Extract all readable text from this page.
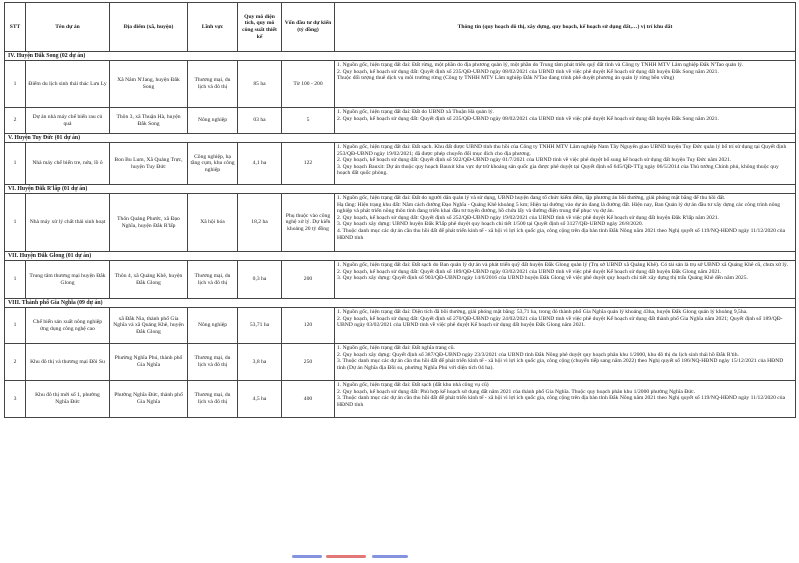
STT	Tên dự án	Địa điểm (xã, huyện)	Lĩnh vực	Quy mô diện tích, quy mô công suất thiết kế	Vốn đầu tư dự kiến (tỷ đồng)	Thông tin (quy hoạch đô thị, xây dựng, quy hoạch, kế hoạch sử dụng đất,…) vị trí khu đất
IV. Huyện Đắk Song (02 dự án)						
1	Điểm du lịch sinh thái thác Lưu Ly	Xã Nâm N'Jang, huyện Đắk Song	Thương mại, du lịch và đô thị	85 ha	Từ 100 - 200	1. Nguồn gốc, hiện trạng đất đai: Đất rừng, một phần do địa phương quản lý, một phần do Trung tâm phát triển quỹ đất tỉnh và Công ty TNHH MTV Lâm nghiệp Đắk N'Tao quản lý.
2. Quy hoạch, kế hoạch sử dụng đất: Quyết định số 235/QĐ-UBND ngày 08/02/2021 của UBND tỉnh về việc phê duyệt Kế hoạch sử dụng đất huyện Đắk Song năm 2021.
Thuộc đối tượng thuê dịch vụ môi trường rừng (Công ty TNHH MTV Lâm nghiệp Đắk N'Tao đang trình phê duyệt phương án quản lý rừng bền vững)

2	Dự án nhà máy chế biến rau củ quả	Thôn 3, xã Thuận Hà, huyện Đắk Song	Nông nghiệp	03 ha	5	1. Nguồn gốc, hiện trạng đất đai: Đất do UBND xã Thuận Hà quản lý.
2. Quy hoạch, kế hoạch sử dụng đất: Quyết định số 235/QĐ-UBND ngày 08/02/2021 của UBND tỉnh về việc phê duyệt Kế hoạch sử dụng đất huyện Đắk Song năm 2021.

V. Huyện Tuy Đức (01 dự án)						
1	Nhà máy chế biến tre, nứa, lồ ô	Bon Bu Lum, Xã Quảng Trực, huyện Tuy Đức	Công nghiệp, hạ tầng cụm, khu công nghiệp	4,1 ha	122	1. Nguồn gốc, hiện trạng đất đai: Đất sạch. Khu đất được UBND tỉnh thu hồi của Công ty TNHH MTV Lâm nghiệp Nam Tây Nguyên giao UBND huyện Tuy Đức quản lý bố trí sử dụng tại Quyết định 253/QĐ-UBND ngày 19/02/2021; đã được phép chuyển đổi mục đích cho địa phương.
2. Quy hoạch, kế hoạch sử dụng đất: Quyết định số 922/QĐ-UBND ngày 01/7/2021 của UBND tỉnh về việc phê duyệt bổ sung kế hoạch sử dụng đất huyện Tuy Đức năm 2021.
3. Quy hoạch Bauxit: Dự án thuộc quy hoạch Bauxit khu vực dự trữ khoáng sản quốc gia được phê duyệt tại Quyết định số 645/QĐ-TTg ngày 06/5/2014 của Thủ tướng Chính phủ, không thuộc quy hoạch đất quốc phòng.

VI. Huyện Đắk R'lấp (01 dự án)						
1	Nhà máy xử lý chất thải sinh hoạt	Thôn Quảng Phước, xã Đạo Nghĩa, huyện Đắk R'lấp	Xã hội hóa	18,2 ha	Phụ thuộc vào công nghệ xử lý. Dự kiến khoảng 20 tỷ đồng	1. Nguồn gốc, hiện trạng đất đai: Đất do người dân quản lý và sử dụng, UBND huyện đang tổ chức kiểm đếm, lập phương án bồi thường, giải phóng mặt bằng để thu hồi đất.
Hạ tầng: Hiện trạng khu đất: Nằm cách đường Đạo Nghĩa - Quảng Khê khoảng 5 km; Hiện tại đường vào dự án đang là đường đất. Hiện nay, Ban Quản lý dự án đầu tư xây dựng các công trình nông nghiệp và phát triển nông thôn tỉnh đang triển khai đầu tư tuyến đường, hồ chứa lấy và đường điện trung thế phục vụ dự án.
2. Quy hoạch, kế hoạch sử dụng đất: Quyết định số 252/QĐ-UBND ngày 19/02/2021 của UBND tỉnh về việc phê duyệt Kế hoạch sử dụng đất huyện Đắk R'lấp năm 2021.
3. Quy hoạch xây dựng: UBND huyện Đắk R'lấp phê duyệt quy hoạch chi tiết 1/500 tại Quyết định số 3127/QĐ-UBND ngày 26/8/2020.
4. Thuộc danh mục các dự án cần thu hồi đất để phát triển kinh tế - xã hội vì lợi ích quốc gia, công cộng trên địa bàn tỉnh Đắk Nông năm 2021 theo Nghị quyết số 119/NQ-HĐND ngày 11/12/2020 của HĐND tỉnh

VII. Huyện Đắk Glong (01 dự án)						
1	Trung tâm thương mại huyện Đắk Glong	Thôn 4, xã Quảng Khê, huyện Đắk Glong	Thương mại, du lịch và đô thị	0,3 ha	200	1. Nguồn gốc, hiện trạng đất đai: Đất sạch do Ban quản lý dự án và phát triển quỹ đất huyện Đắk Glong quản lý (Trụ sở UBND xã Quảng Khê). Có tài sản là trụ sở UBND xã Quảng Khê cũ, chưa xử lý.
2. Quy hoạch, kế hoạch sử dụng đất: Quyết định số 189/QĐ-UBND ngày 03/02/2021 của UBND tỉnh về việc phê duyệt Kế hoạch sử dụng đất huyện Đắk Glong năm 2021.
3. Quy hoạch xây dựng: Quyết định số 903/QĐ-UBND ngày 14/6/2016 của UBND huyện Đắk Glong về việc phê duyệt quy hoạch chi tiết xây dựng thị trấn Quảng Khê đến năm 2025.

VIII. Thành phố Gia Nghĩa (09 dự án)						
1	Chế biến sản xuất nông nghiệp ứng dụng công nghệ cao	xã Đắk Nia, thành phố Gia Nghĩa và xã Quảng Khê, huyện Đắk Glong	Nông nghiệp	53,71 ha	120	1. Nguồn gốc, hiện trạng đất đai: Diện tích đã bồi thường, giải phóng mặt bằng: 53,71 ha, trong đó thành phố Gia Nghĩa quản lý khoảng 43ha, huyện Đắk Glong quản lý khoảng 9,5ha.
2. Quy hoạch, kế hoạch sử dụng đất: Quyết định số 270/QĐ-UBND ngày 24/02/2021 của UBND tỉnh về việc phê duyệt Kế hoạch sử dụng đất thành phố Gia Nghĩa năm 2021; Quyết định số 189/QĐ-UBND ngày 03/02/2021 của UBND tỉnh về việc phê duyệt Kế hoạch sử dụng đất huyện Đắk Glong năm 2021.

2	Khu đô thị và thương mại Đồi Su	Phường Nghĩa Phú, thành phố Gia Nghĩa	Thương mại, du lịch và đô thị	3,8 ha	250	1. Nguồn gốc, hiện trạng đất đai: Đất nghĩa trang cũ.
2. Quy hoạch xây dựng: Quyết định số 387/QĐ-UBND ngày 23/3/2021 của UBND tỉnh Đắk Nông phê duyệt quy hoạch phân khu 1/2000, khu đô thị du lịch sinh thái hồ Đắk R'tih.
3. Thuộc danh mục các dự án cần thu hồi đất để phát triển kinh tế - xã hội vì lợi ích quốc gia, công cộng (chuyển tiếp sang năm 2022) theo Nghị quyết số 186/NQ-HĐND ngày 15/12/2021 của HĐND tỉnh (Dự án Nghĩa địa Đồi su, phường Nghĩa Phú với diện tích 04 ha).

3	Khu đô thị mới số 1, phường Nghĩa Đức	Phường Nghĩa Đức, thành phố Gia Nghĩa	Thương mại, du lịch và đô thị	4,5 ha	400	1. Nguồn gốc, hiện trạng đất đai: Đất sạch (đất khu nhà công vụ cũ)
2. Quy hoạch, kế hoạch sử dụng đất: Phù hợp kế hoạch sử dụng đất năm 2021 của thành phố Gia Nghĩa. Thuộc quy hoạch phân khu 1/2000 phường Nghĩa Đức.
3. Thuộc danh mục các dự án cần thu hồi đất để phát triển kinh tế - xã hội vì lợi ích quốc gia, công cộng trên địa bàn tỉnh Đắk Nông năm 2021 theo Nghị quyết số 119/NQ-HĐND ngày 11/12/2020 của HĐND tỉnh
